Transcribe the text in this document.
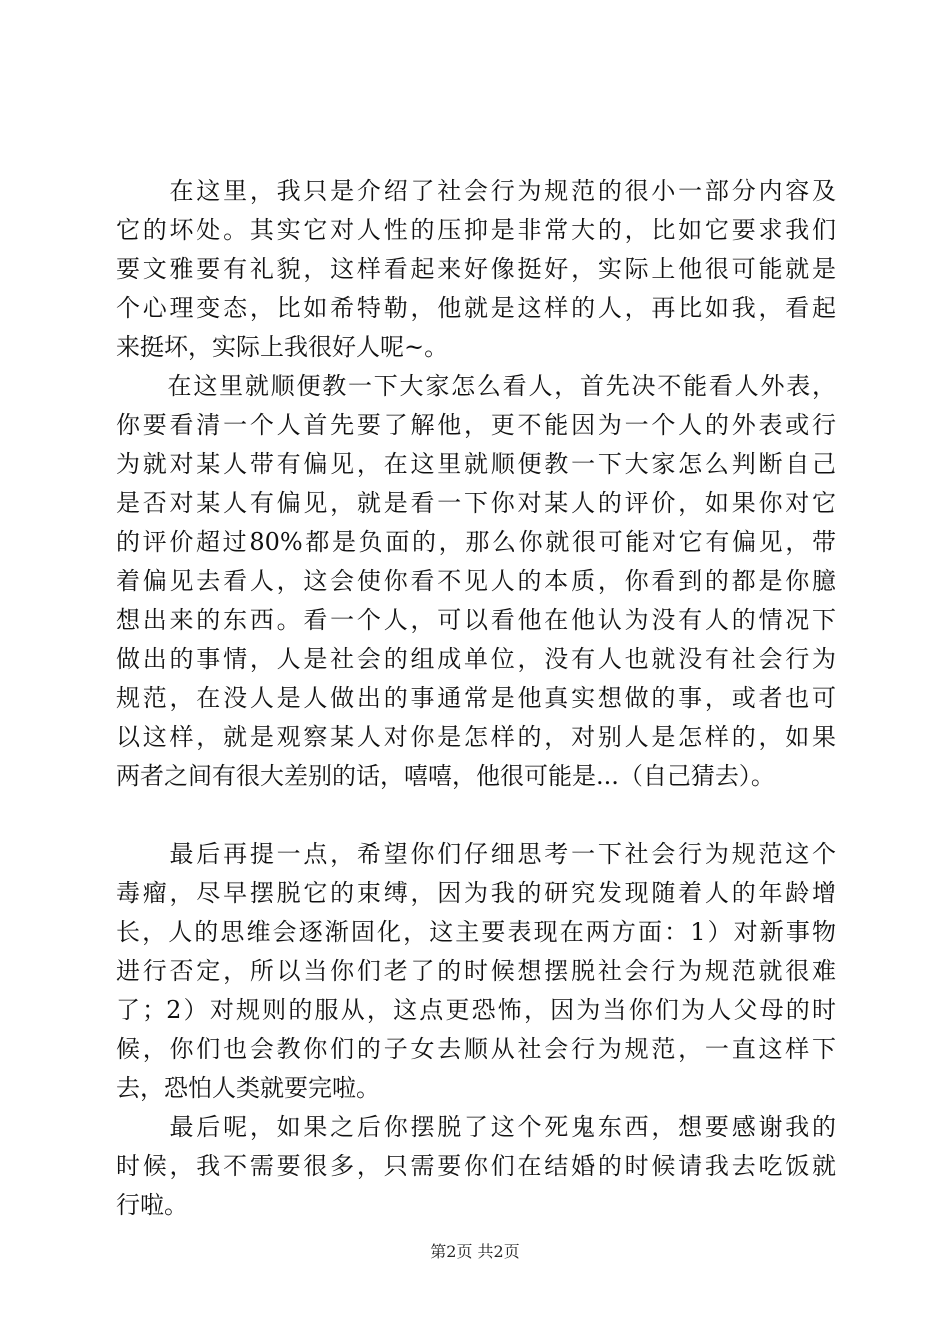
　　在这里，我只是介绍了社会行为规范的很小一部分内容及
它的坏处。其实它对人性的压抑是非常大的，比如它要求我们
要文雅要有礼貌，这样看起来好像挺好，实际上他很可能就是
个心理变态，比如希特勒，他就是这样的人，再比如我，看起
来挺坏，实际上我很好人呢~。
　　在这里就顺便教一下大家怎么看人，首先决不能看人外表，
你要看清一个人首先要了解他，更不能因为一个人的外表或行
为就对某人带有偏见，在这里就顺便教一下大家怎么判断自己
是否对某人有偏见，就是看一下你对某人的评价，如果你对它
的评价超过80%都是负面的，那么你就很可能对它有偏见，带
着偏见去看人，这会使你看不见人的本质，你看到的都是你臆
想出来的东西。看一个人，可以看他在他认为没有人的情况下
做出的事情，人是社会的组成单位，没有人也就没有社会行为
规范，在没人是人做出的事通常是他真实想做的事，或者也可
以这样，就是观察某人对你是怎样的，对别人是怎样的，如果
两者之间有很大差别的话，嘻嘻，他很可能是...（自己猜去）。
　　最后再提一点，希望你们仔细思考一下社会行为规范这个
毒瘤，尽早摆脱它的束缚，因为我的研究发现随着人的年龄增
长，人的思维会逐渐固化，这主要表现在两方面：1）对新事物
进行否定，所以当你们老了的时候想摆脱社会行为规范就很难
了；2）对规则的服从，这点更恐怖，因为当你们为人父母的时
候，你们也会教你们的子女去顺从社会行为规范，一直这样下
去，恐怕人类就要完啦。
　　最后呢，如果之后你摆脱了这个死鬼东西，想要感谢我的
时候，我不需要很多，只需要你们在结婚的时候请我去吃饭就
行啦。
第2页 共2页
